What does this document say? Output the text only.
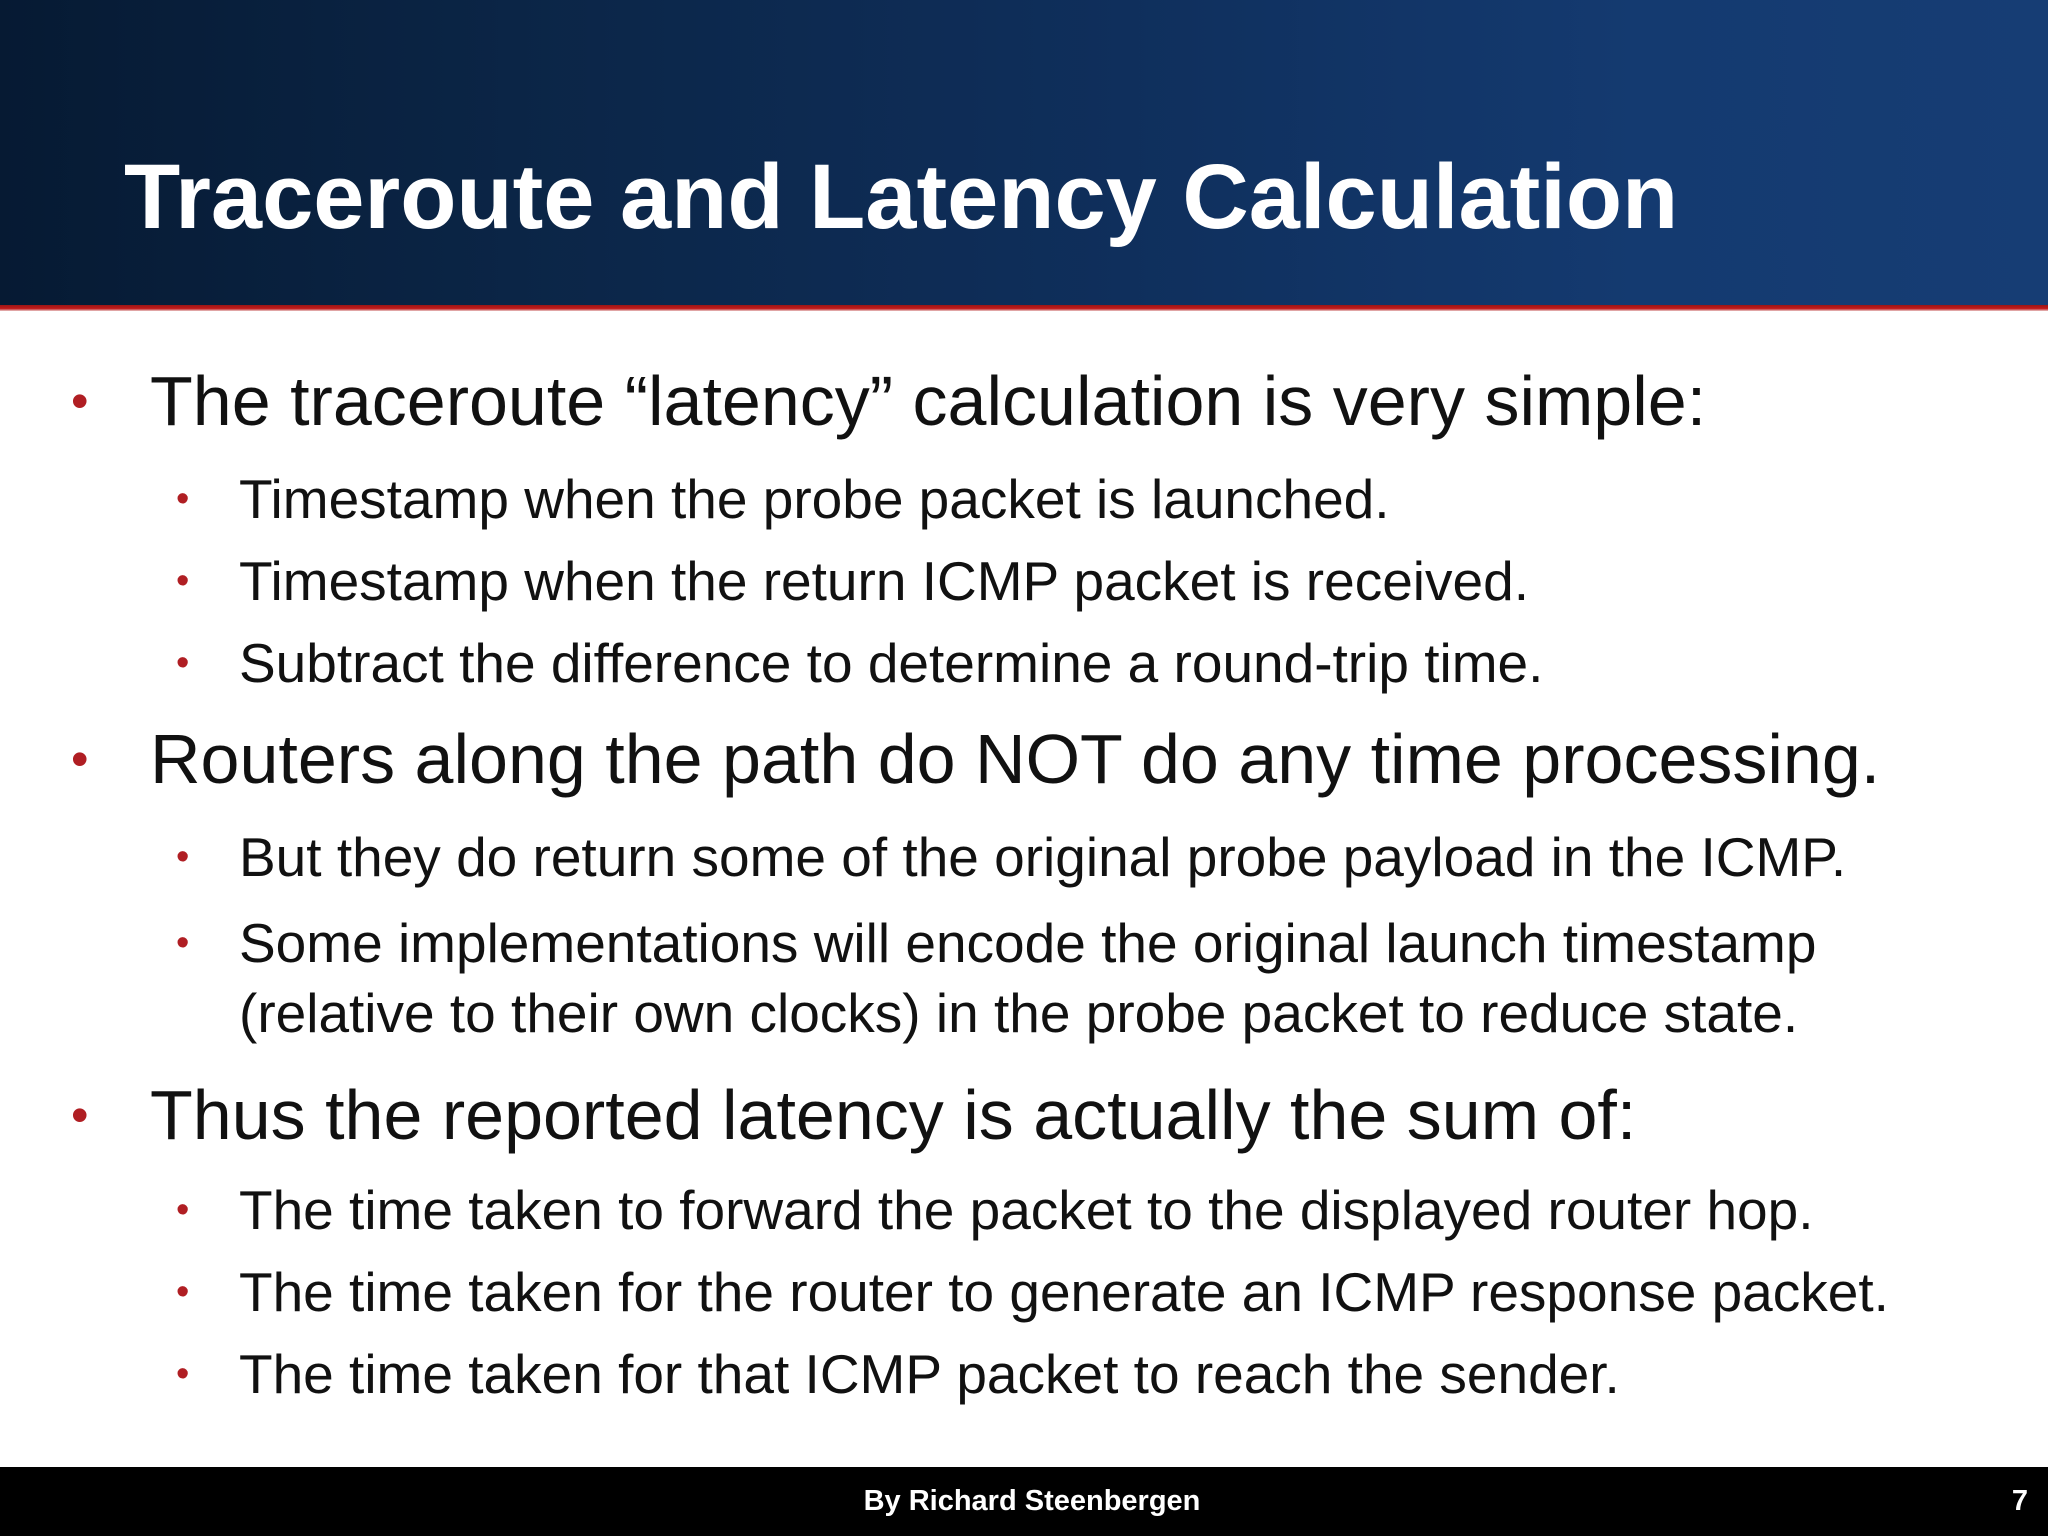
Traceroute and Latency Calculation
• The traceroute “latency” calculation is very simple:
• Timestamp when the probe packet is launched.
• Timestamp when the return ICMP packet is received.
• Subtract the difference to determine a round-trip time.
• Routers along the path do NOT do any time processing.
• But they do return some of the original probe payload in the ICMP.
• Some implementations will encode the original launch timestamp (relative to their own clocks) in the probe packet to reduce state.
• Thus the reported latency is actually the sum of:
• The time taken to forward the packet to the displayed router hop.
• The time taken for the router to generate an ICMP response packet.
• The time taken for that ICMP packet to reach the sender.
By Richard Steenbergen	7
